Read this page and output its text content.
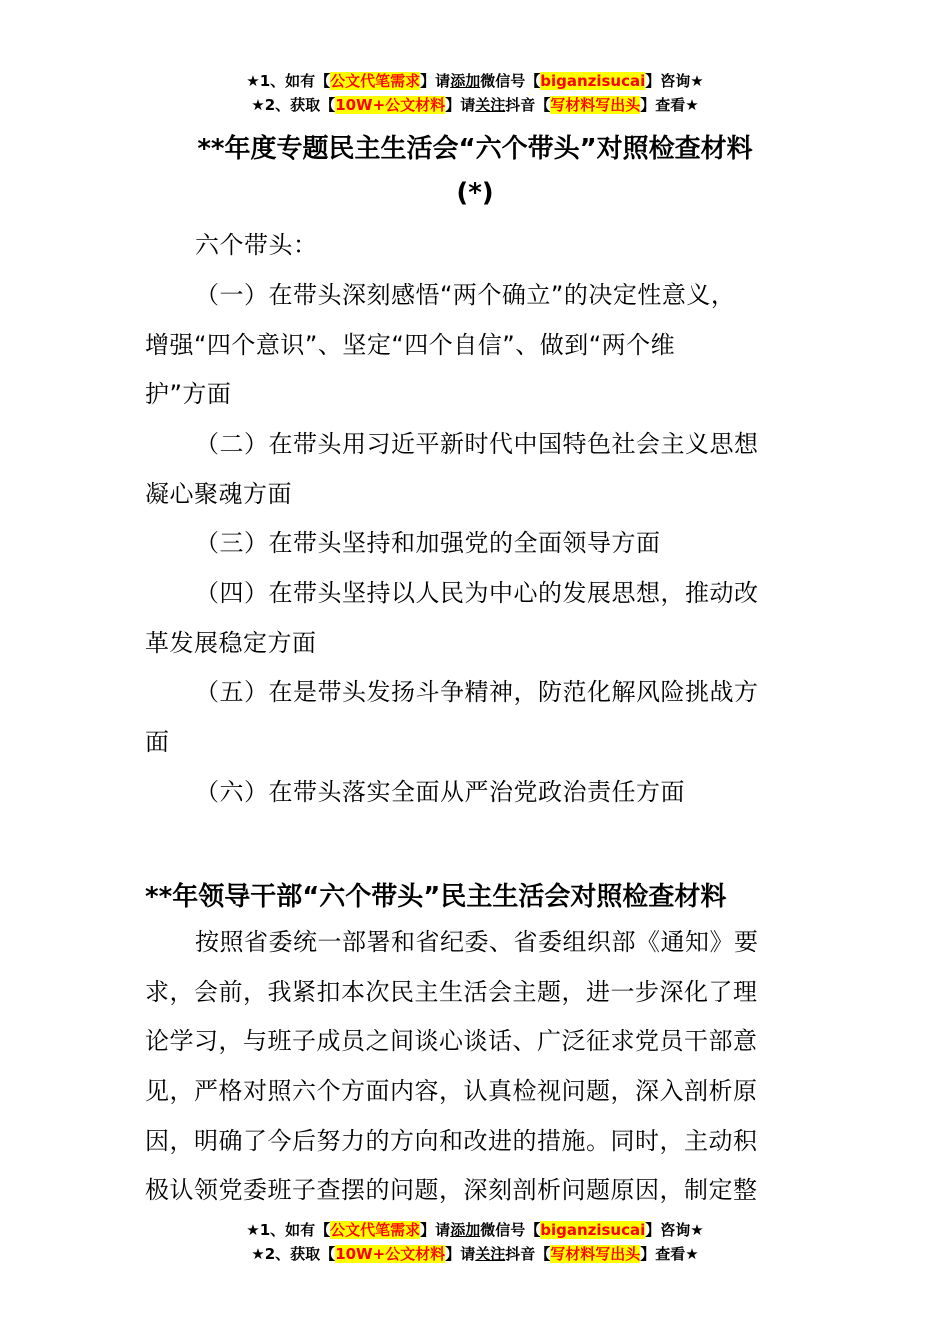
★1、如有【公文代笔需求】请添加微信号【biganzisucai】咨询★
★2、获取【10W+公文材料】请关注抖音【写材料写出头】查看★
**年度专题民主生活会“六个带头”对照检查材料
(*)
六个带头：
（一）在带头深刻感悟“两个确立”的决定性意义，
增强“四个意识”、坚定“四个自信”、做到“两个维
护”方面
（二）在带头用习近平新时代中国特色社会主义思想
凝心聚魂方面
（三）在带头坚持和加强党的全面领导方面
（四）在带头坚持以人民为中心的发展思想，推动改
革发展稳定方面
（五）在是带头发扬斗争精神，防范化解风险挑战方
面
（六）在带头落实全面从严治党政治责任方面
**年领导干部“六个带头”民主生活会对照检查材料
按照省委统一部署和省纪委、省委组织部《通知》要
求，会前，我紧扣本次民主生活会主题，进一步深化了理
论学习，与班子成员之间谈心谈话、广泛征求党员干部意
见，严格对照六个方面内容，认真检视问题，深入剖析原
因，明确了今后努力的方向和改进的措施。同时，主动积
极认领党委班子查摆的问题，深刻剖析问题原因，制定整
★1、如有【公文代笔需求】请添加微信号【biganzisucai】咨询★
★2、获取【10W+公文材料】请关注抖音【写材料写出头】查看★
